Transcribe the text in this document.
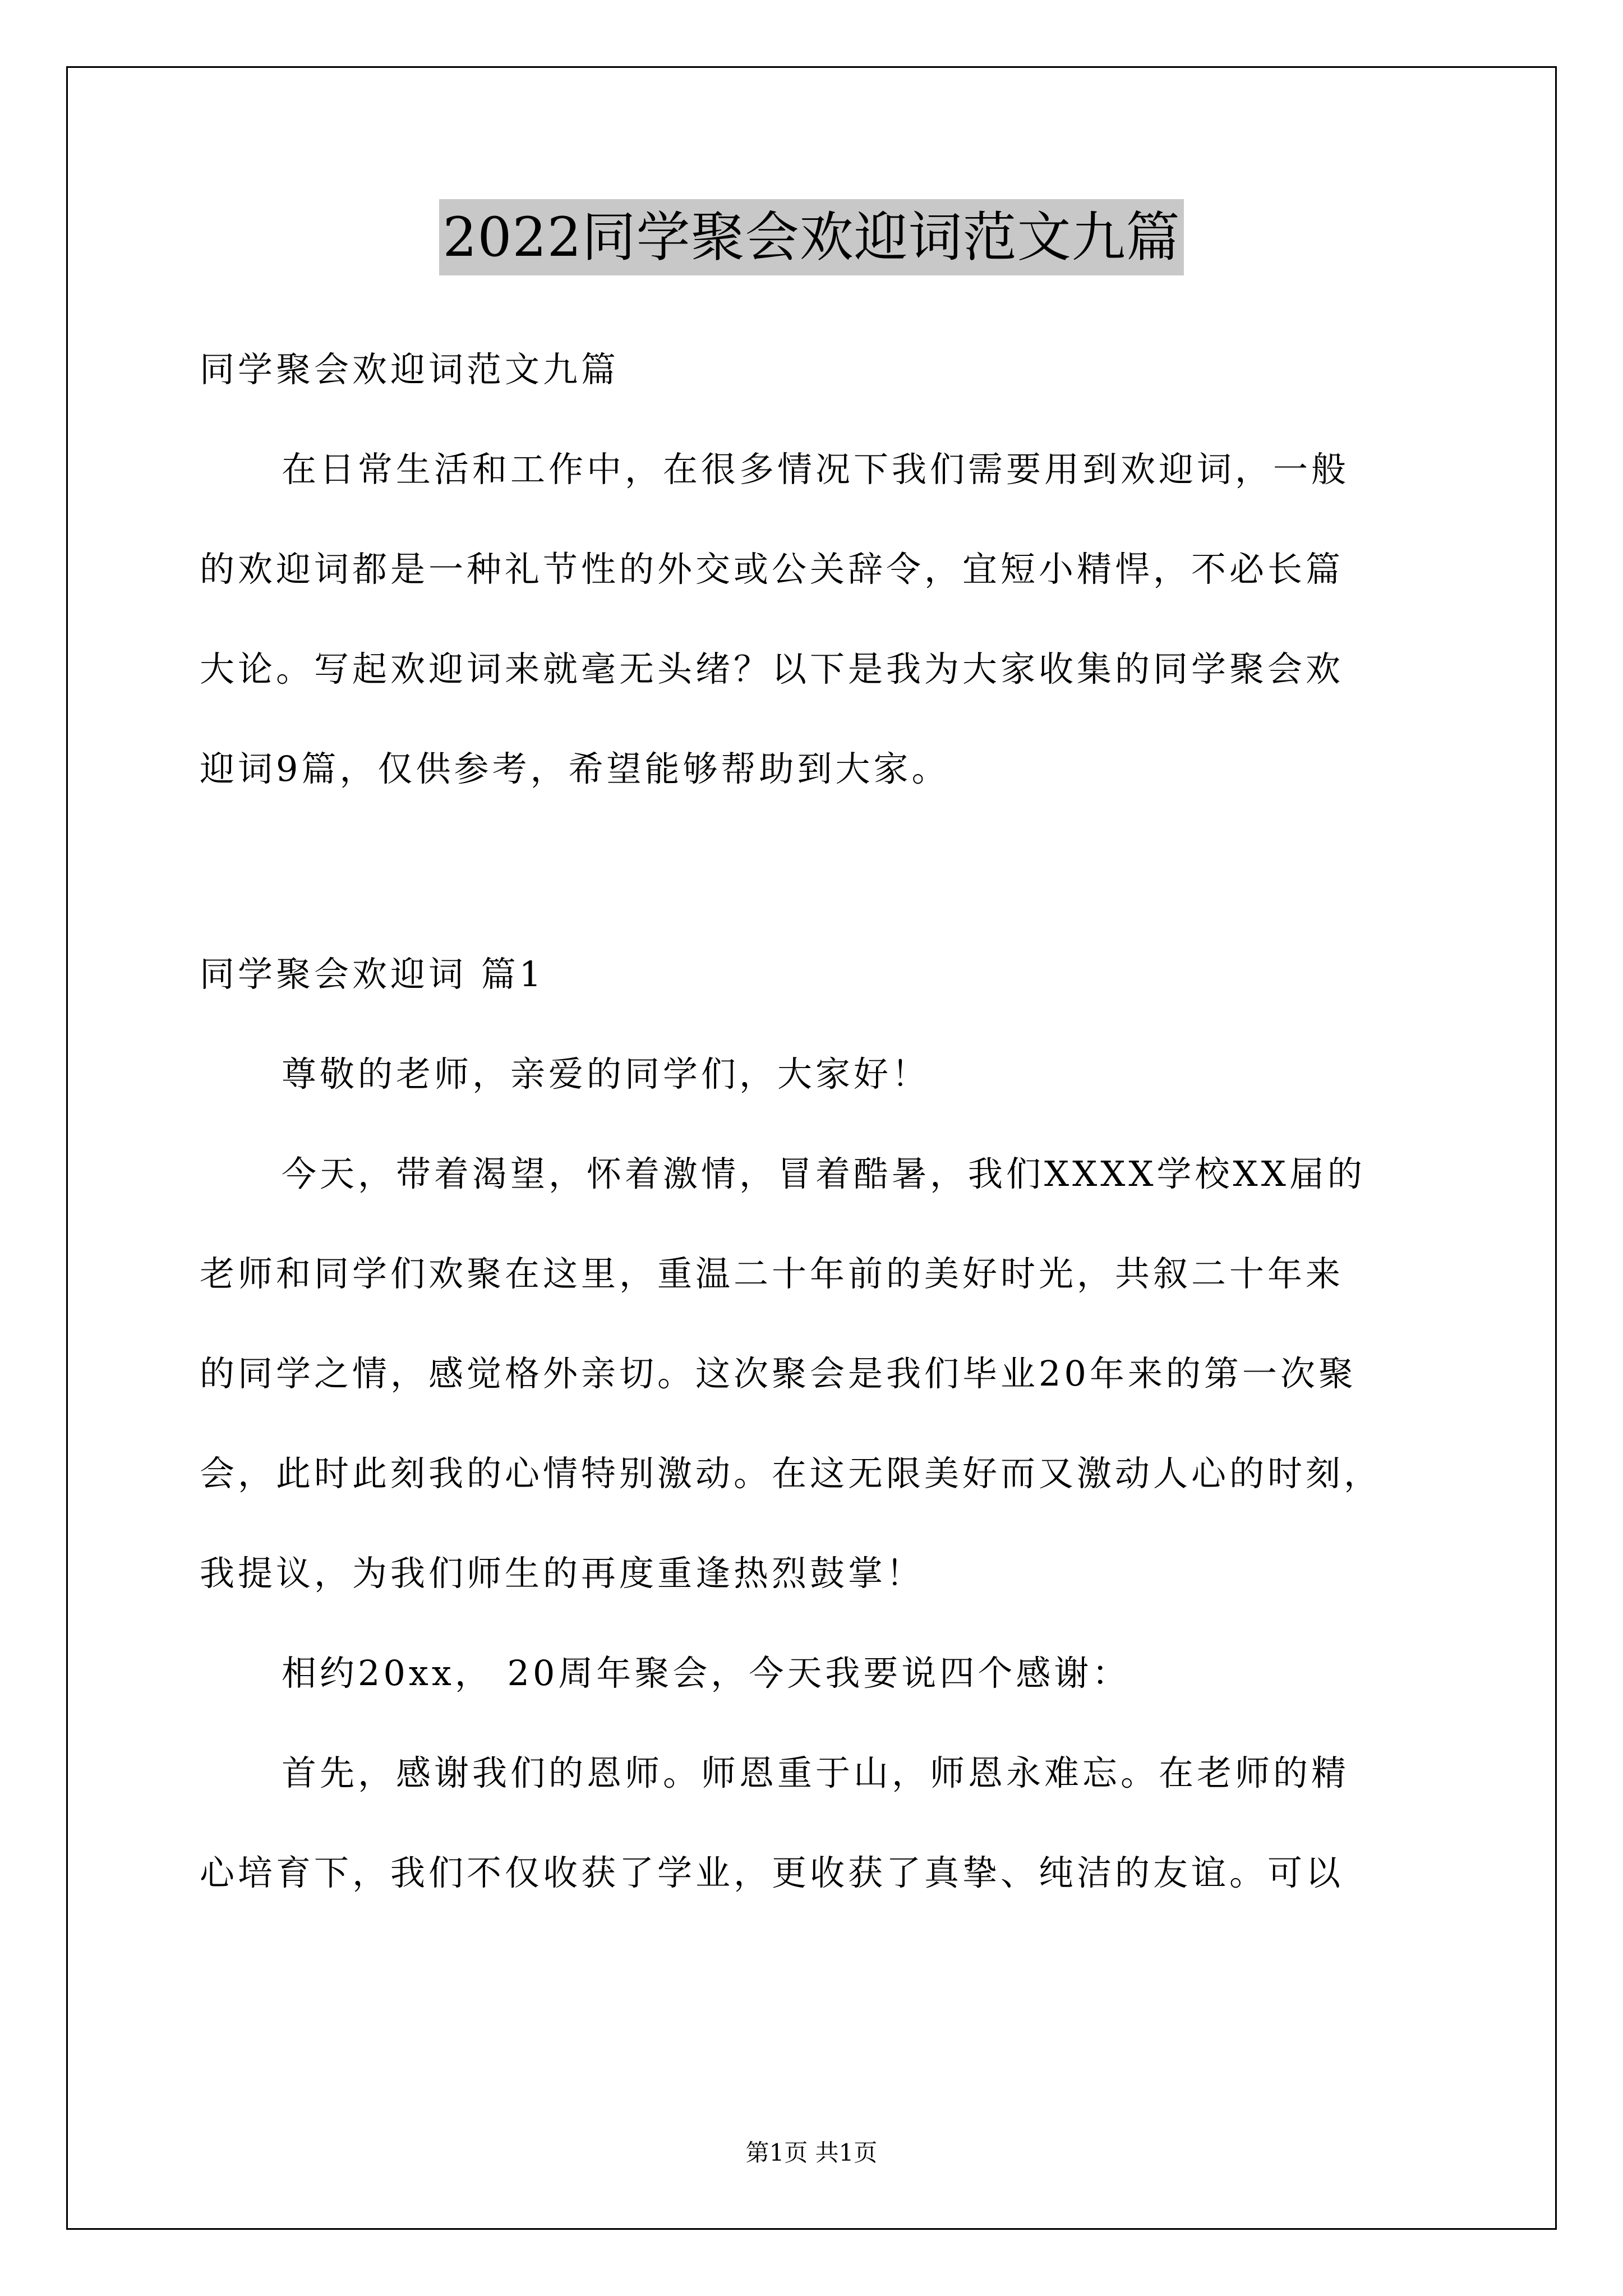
2022同学聚会欢迎词范文九篇
同学聚会欢迎词范文九篇
在日常生活和工作中，在很多情况下我们需要用到欢迎词，一般
的欢迎词都是一种礼节性的外交或公关辞令，宜短小精悍，不必长篇
大论。写起欢迎词来就毫无头绪？以下是我为大家收集的同学聚会欢
迎词9篇，仅供参考，希望能够帮助到大家。
同学聚会欢迎词 篇1
尊敬的老师，亲爱的同学们，大家好！
今天，带着渴望，怀着激情，冒着酷暑，我们XXXX学校XX届的
老师和同学们欢聚在这里，重温二十年前的美好时光，共叙二十年来
的同学之情，感觉格外亲切。这次聚会是我们毕业20年来的第一次聚
会，此时此刻我的心情特别激动。在这无限美好而又激动人心的时刻，
我提议，为我们师生的再度重逢热烈鼓掌！
相约20xx， 20周年聚会，今天我要说四个感谢：
首先，感谢我们的恩师。师恩重于山，师恩永难忘。在老师的精
心培育下，我们不仅收获了学业，更收获了真挚、纯洁的友谊。可以
第1页 共1页
